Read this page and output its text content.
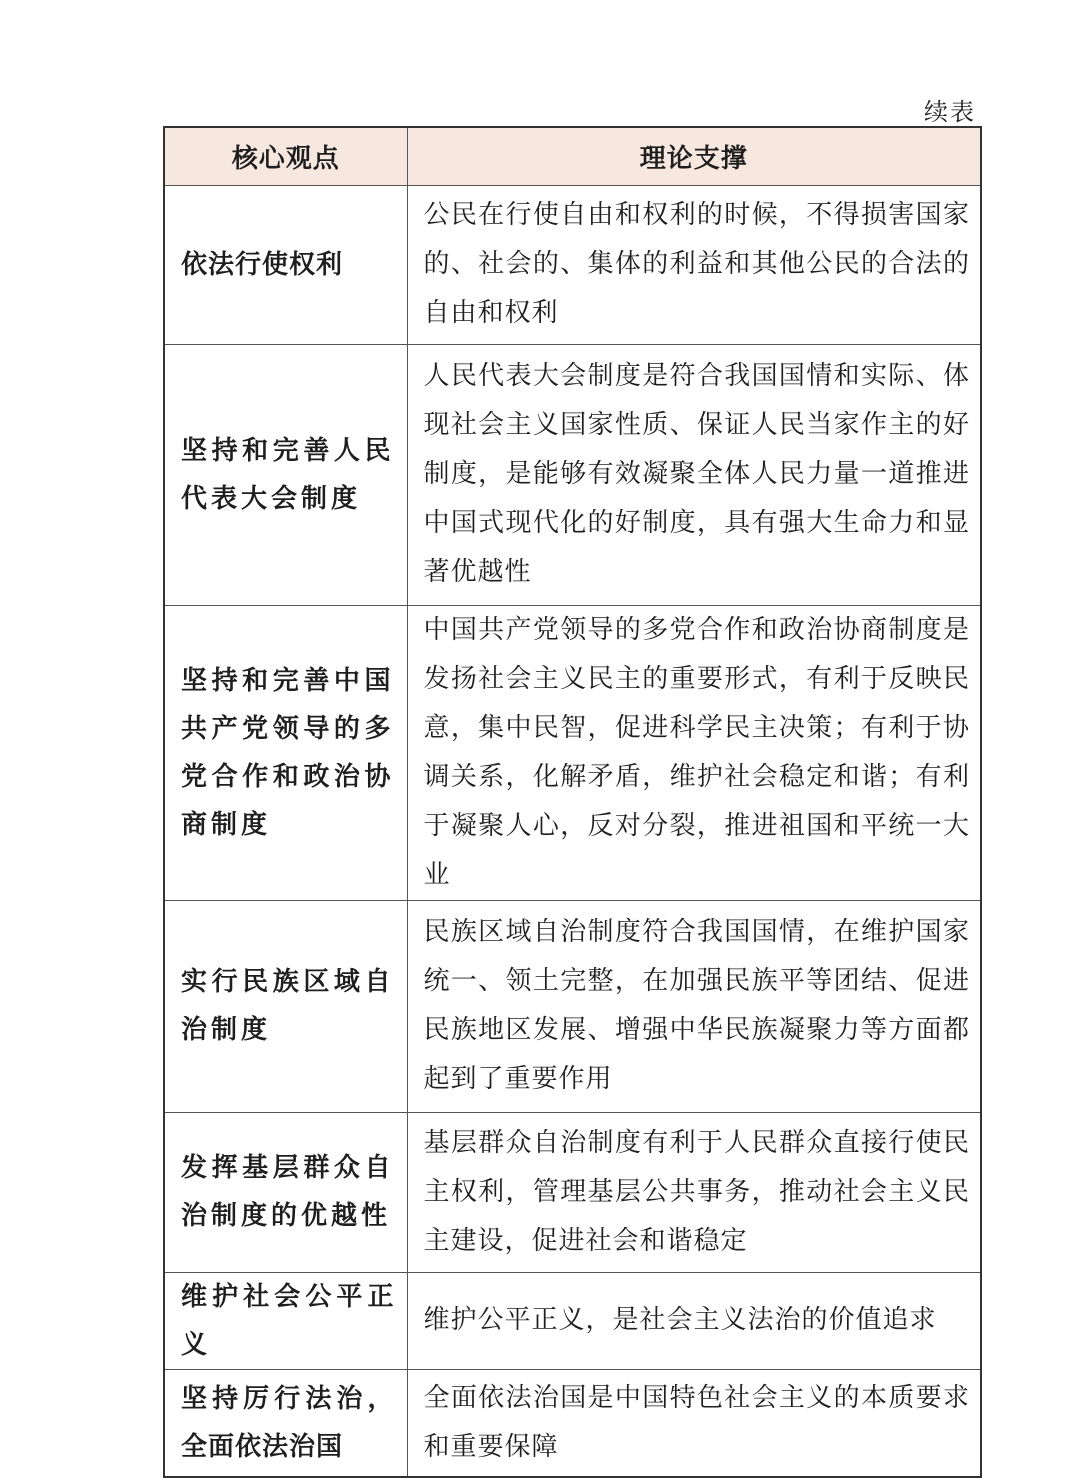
续表
核心观点	理论支撑
依法行使权利	公民在行使自由和权利的时候，不得损害国家的、社会的、集体的利益和其他公民的合法的自由和权利
坚持和完善人民代表大会制度	人民代表大会制度是符合我国国情和实际、体现社会主义国家性质、保证人民当家作主的好制度，是能够有效凝聚全体人民力量一道推进中国式现代化的好制度，具有强大生命力和显著优越性
坚持和完善中国共产党领导的多党合作和政治协商制度	中国共产党领导的多党合作和政治协商制度是发扬社会主义民主的重要形式，有利于反映民意，集中民智，促进科学民主决策；有利于协调关系，化解矛盾，维护社会稳定和谐；有利于凝聚人心，反对分裂，推进祖国和平统一大业
实行民族区域自治制度	民族区域自治制度符合我国国情，在维护国家统一、领土完整，在加强民族平等团结、促进民族地区发展、增强中华民族凝聚力等方面都起到了重要作用
发挥基层群众自治制度的优越性	基层群众自治制度有利于人民群众直接行使民主权利，管理基层公共事务，推动社会主义民主建设，促进社会和谐稳定
维护社会公平正义	维护公平正义，是社会主义法治的价值追求
坚持厉行法治，全面依法治国	全面依法治国是中国特色社会主义的本质要求和重要保障
